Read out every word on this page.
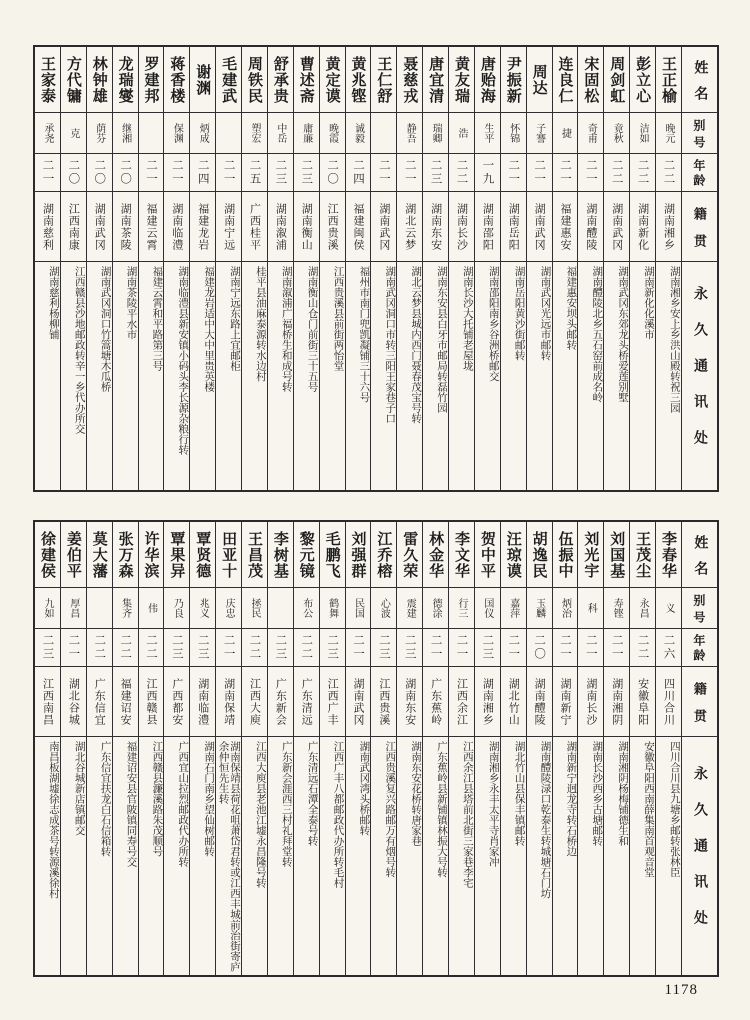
王家泰
承尧
二一
湖南慈利
湖南慈利杨柳铺
方代镛
克
二〇
江西南康
江西赣县沙地邮政转辛一乡代办所交
林钟雄
荫芬
二〇
湖南武冈
湖南武冈洞口竹篙塘木瓜桥
龙瑞燮
继湘
二〇
湖南茶陵
湖南茶陵平水市
罗建邦
二一
福建云霄
福建云霄和平路第三号
蒋香楼
保渊
二一
湖南临澧
湖南临澧县新安镇小码头李长源杂粮行转
谢渊
炳成
二四
福建龙岩
福建龙岩适中大中里贵英楼
毛建武
二一
湖南宁远
湖南宁远东路上宜邮柜
周铁民
塑宏
二五
广西桂平
桂平县油麻泰源转水边村
舒承贵
中岳
二三
湖南溆浦
湖南溆浦广福桥生和成号转
曹述斋
庸廉
二三
湖南衡山
湖南衡山仓门前街三十五号
黄定谟
晚霞
二〇
江西贵溪
江西贵溪县前街两怡堂
黄兆铿
诚毅
二四
福建闽侯
福州市南门兜凯凝铺三十六号
王仁舒
二一
湖南武冈
湖南武冈洞口市转三阳王家巷子口
聂慈戎
静吾
二一
湖北云梦
湖北云梦县城内西门聂春茂宝号转
唐宜清
瑞卿
二三
湖南东安
湖南东安县白牙市邮局转磊竹园
黄友瑞
浩
二二
湖南长沙
湖南长沙大托铺老屋垅
唐贻海
生平
一九
湖南邵阳
湖南邵阳南乡谷洲桥邮交
尹振新
怀锦
二一
湖南岳阳
湖南岳阳黄沙街邮转
周达
子謇
二一
湖南武冈
湖南武冈光远市邮转
连良仁
捷
二一
福建惠安
福建惠安坝头邮转
宋固松
奇甫
二一
湖南醴陵
湖南醴陵北乡五石窑前成名岭
周剑虹
竟秋
二二
湖南武冈
湖南武冈东郊龙头桥爱莲别墅
彭立心
洁如
二二
湖南新化
湖南新化化溪市
王正榆
晚元
二二
湖南湘乡
湖南湘乡安上乡洪山殿转祝三园
姓名
别号
年龄
籍贯
永久通讯处
徐建侯
九如
二三
江西南昌
南昌板湖墟徐志成茶号转源溪徐村
姜伯平
厚昌
二一
湖北谷城
湖北谷城新店镇邮交
莫大藩
二二
广东信宜
广东信宜扶龙白石信箱转
张万森
集齐
二二
福建诏安
福建诏安县官陂镇同寿号交
许华滨
伟
二二
江西赣县
江西赣县濂溪路朱茂顺号
覃果异
乃良
二三
广西都安
广西宜山拉烈邮政代办所转
覃贤德
兆义
二三
湖南临澧
湖南石门南乡望仙树邮转
田亚十
庆忠
二一
湖南保靖
湖南保靖县荷花咀萧岱君转或江西丰城前治街寄庐余仲恒先生转
王昌茂
拯民
二二
江西大庾
江西大庾县老池江墟永昌隆号转
李树基
二三
广东新会
广东新会涯西三村礼拜堂转
黎元镜
布公
二二
广东清远
广东清远石潭全泰号转
毛鹏飞
鹤舞
二三
江西广丰
江西广丰八都邮政代办所转毛村
刘强群
民国
二一
湖南武冈
湖南武冈湾头桥邮转
江乔榕
心波
二三
江西贵溪
江西贵溪复兴路邮万有烟号转
雷久荣
震建
二三
湖南东安
湖南东安花桥转唐家巷
林金华
德涂
二一
广东蕉岭
广东蕉岭县新铺镇林振大号转
李文华
行三
二一
江西余江
江西余江县塔前北街三家巷李宅
贺中平
国仪
二三
湖南湘乡
湖南湘乡永丰太平寺肖家冲
汪琼谟
嘉萍
二一
湖北竹山
湖北竹山县保丰镇邮转
胡逸民
玉麟
二〇
湖南醴陵
湖南醴陵渌口乾泰生转城塘石门坊
伍振中
炳治
二一
湖南新宁
湖南新宁迥龙寺转石桥边
刘光宇
科
二一
湖南长沙
湖南长沙西乡古塘邮转
刘国基
寿铿
二一
湖南湘阴
湖南湘阴杨梅铺德生和
王茂尘
永昌
二二
安徽阜阳
安徽阜阳西南薛集南首观音堂
李春华
义
二六
四川合川
四川合川县九塘乡邮转张林臣
姓名
别号
年龄
籍贯
永久通讯处
1178
